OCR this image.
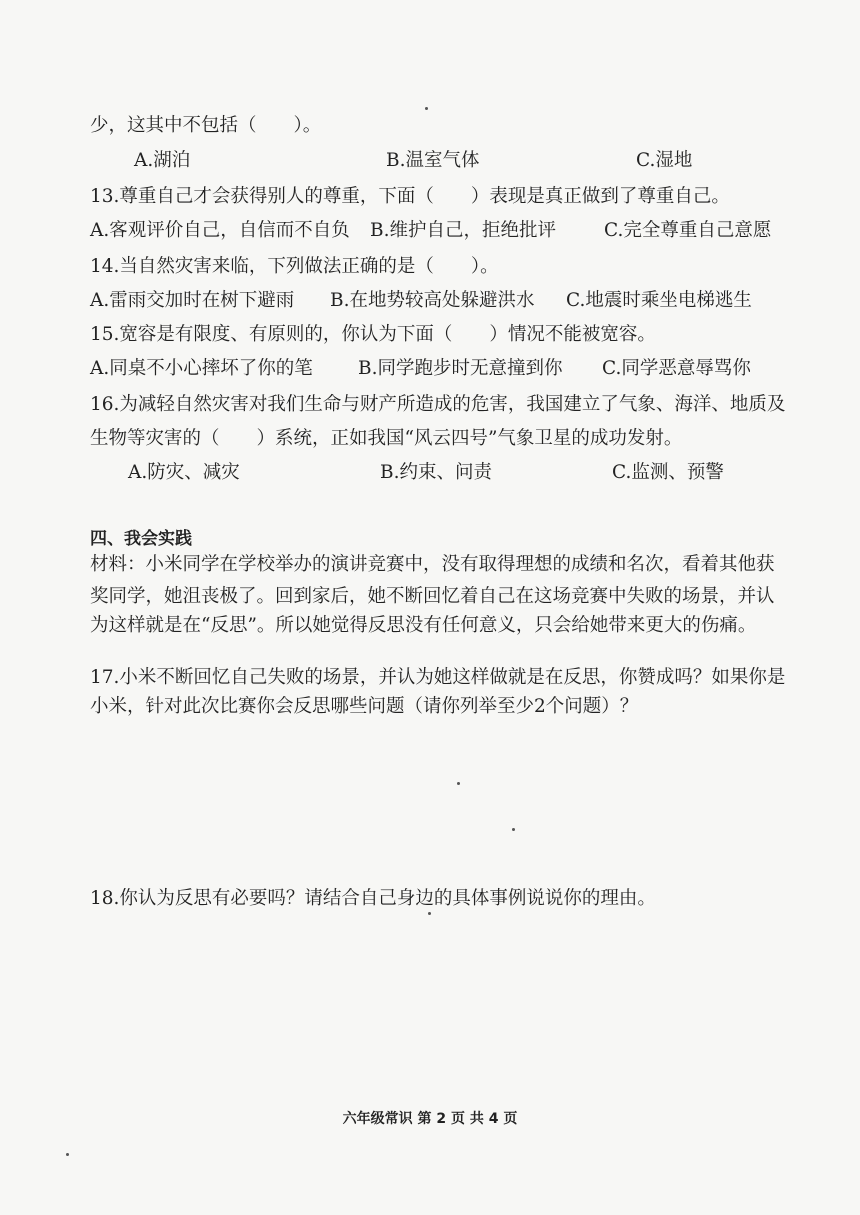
少，这其中不包括（　　）。
A.湖泊	B.温室气体	C.湿地
13.尊重自己才会获得别人的尊重，下面（　　）表现是真正做到了尊重自己。
A.客观评价自己，自信而不自负 B.维护自己，拒绝批评	C.完全尊重自己意愿
14.当自然灾害来临，下列做法正确的是（　　）。
A.雷雨交加时在树下避雨 B.在地势较高处躲避洪水 C.地震时乘坐电梯逃生
15.宽容是有限度、有原则的，你认为下面（　　）情况不能被宽容。
A.同桌不小心摔坏了你的笔 B.同学跑步时无意撞到你 C.同学恶意辱骂你
16.为减轻自然灾害对我们生命与财产所造成的危害，我国建立了气象、海洋、地质及
生物等灾害的（　　）系统，正如我国“风云四号”气象卫星的成功发射。
A.防灾、减灾	B.约束、问责	C.监测、预警
四、我会实践
材料：小米同学在学校举办的演讲竞赛中，没有取得理想的成绩和名次，看着其他获
奖同学，她沮丧极了。回到家后，她不断回忆着自己在这场竞赛中失败的场景，并认
为这样就是在“反思”。所以她觉得反思没有任何意义，只会给她带来更大的伤痛。
17.小米不断回忆自己失败的场景，并认为她这样做就是在反思，你赞成吗？如果你是
小米，针对此次比赛你会反思哪些问题（请你列举至少2个问题）？
18.你认为反思有必要吗？请结合自己身边的具体事例说说你的理由。
六年级常识 第 2 页 共 4 页
